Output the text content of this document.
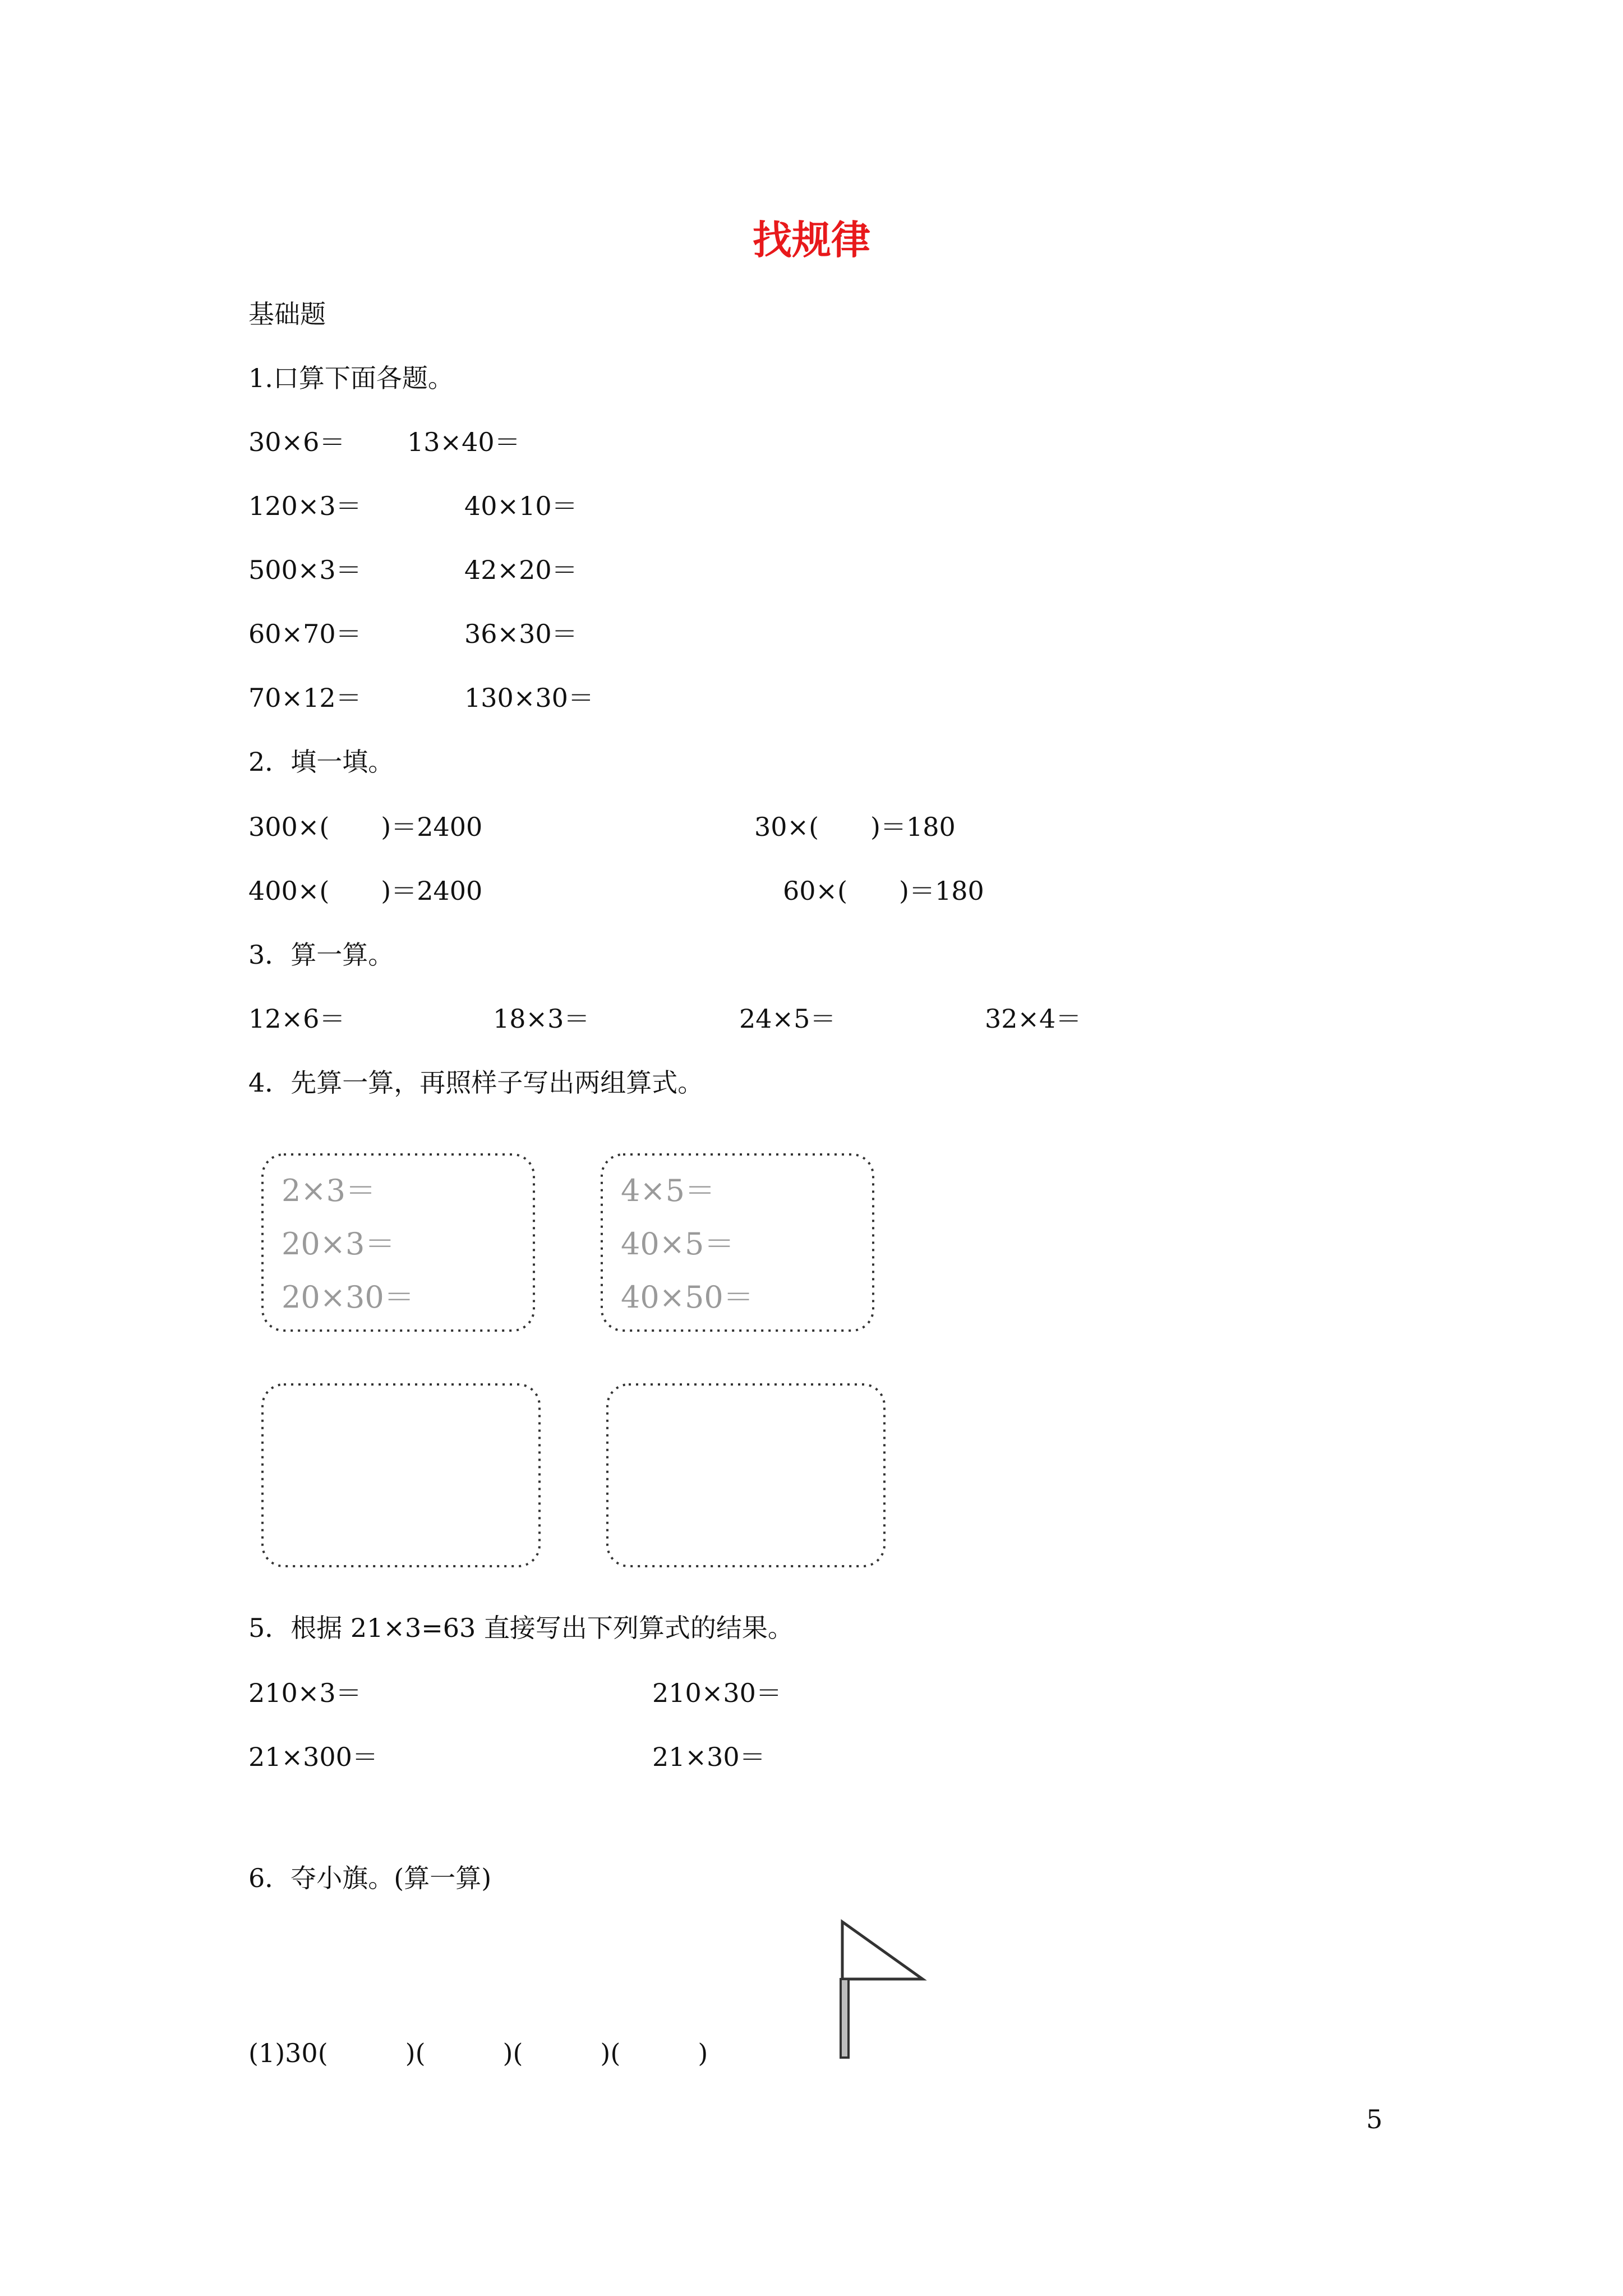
找规律
基础题
1.口算下面各题。
30×6＝ 13×40＝
120×3＝	40×10＝
500×3＝	42×20＝
60×70＝	36×30＝
70×12＝	130×30＝
2．填一填。
300×(　　)＝2400	30×(　　)＝180
400×(　　)＝2400	60×(　　)＝180
3．算一算。
12×6＝	18×3＝	24×5＝	32×4＝
4．先算一算，再照样子写出两组算式。
2×3＝
20×3＝
20×30＝
4×5＝
40×5＝
40×50＝
5．根据 21×3=63 直接写出下列算式的结果。
210×3＝	210×30＝
21×300＝	21×30＝
6．夺小旗。(算一算)
(1)30(　　　)(　　　)(　　　)(　　　)
5
